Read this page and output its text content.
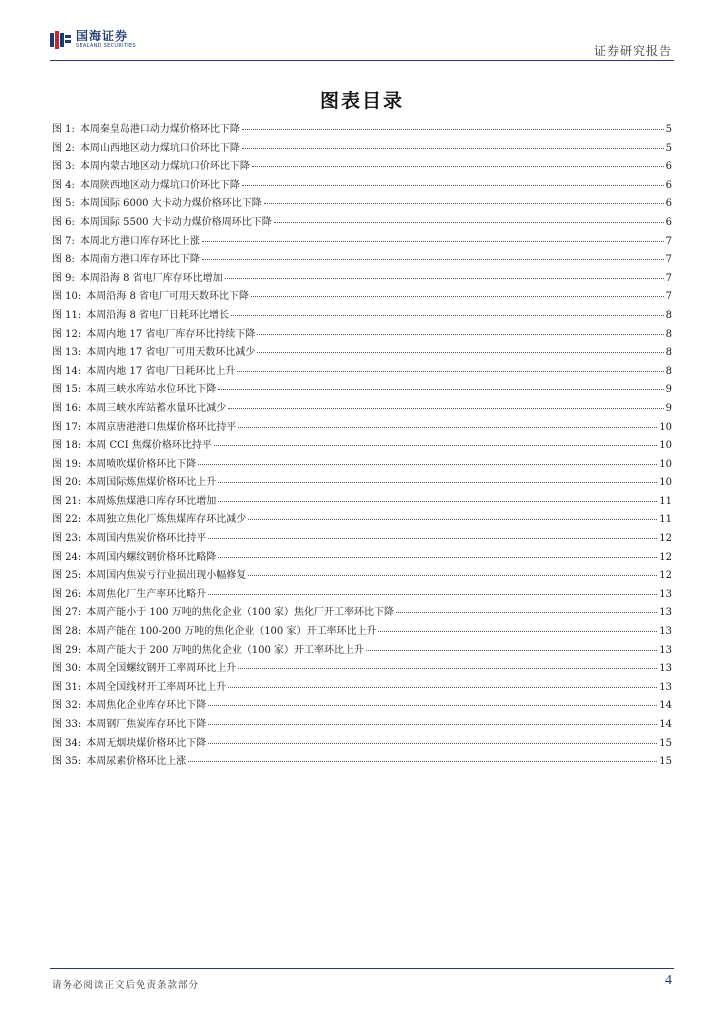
国海证券
SEALAND SECURITIES	证券研究报告
图表目录
图 1: 本周秦皇岛港口动力煤价格环比下降	5
图 2: 本周山西地区动力煤坑口价环比下降	5
图 3: 本周内蒙古地区动力煤坑口价环比下降	6
图 4: 本周陕西地区动力煤坑口价环比下降	6
图 5: 本周国际 6000 大卡动力煤价格环比下降	6
图 6: 本周国际 5500 大卡动力煤价格周环比下降	6
图 7: 本周北方港口库存环比上涨	7
图 8: 本周南方港口库存环比下降	7
图 9: 本周沿海 8 省电厂库存环比增加	7
图 10: 本周沿海 8 省电厂可用天数环比下降	7
图 11: 本周沿海 8 省电厂日耗环比增长	8
图 12: 本周内地 17 省电厂库存环比持续下降	8
图 13: 本周内地 17 省电厂可用天数环比减少	8
图 14: 本周内地 17 省电厂日耗环比上升	8
图 15: 本周三峡水库站水位环比下降	9
图 16: 本周三峡水库站蓄水量环比减少	9
图 17: 本周京唐港港口焦煤价格环比持平	10
图 18: 本周 CCI 焦煤价格环比持平	10
图 19: 本周喷吹煤价格环比下降	10
图 20: 本周国际炼焦煤价格环比上升	10
图 21: 本周炼焦煤港口库存环比增加	11
图 22: 本周独立焦化厂炼焦煤库存环比减少	11
图 23: 本周国内焦炭价格环比持平	12
图 24: 本周国内螺纹钢价格环比略降	12
图 25: 本周国内焦炭亏行业损出现小幅修复	12
图 26: 本周焦化厂生产率环比略升	13
图 27: 本周产能小于 100 万吨的焦化企业（100 家）焦化厂开工率环比下降	13
图 28: 本周产能在 100-200 万吨的焦化企业（100 家）开工率环比上升	13
图 29: 本周产能大于 200 万吨的焦化企业（100 家）开工率环比上升	13
图 30: 本周全国螺纹钢开工率周环比上升	13
图 31: 本周全国线材开工率周环比上升	13
图 32: 本周焦化企业库存环比下降	14
图 33: 本周钢厂焦炭库存环比下降	14
图 34: 本周无烟块煤价格环比下降	15
图 35: 本周尿素价格环比上涨	15
请务必阅读正文后免责条款部分	4
